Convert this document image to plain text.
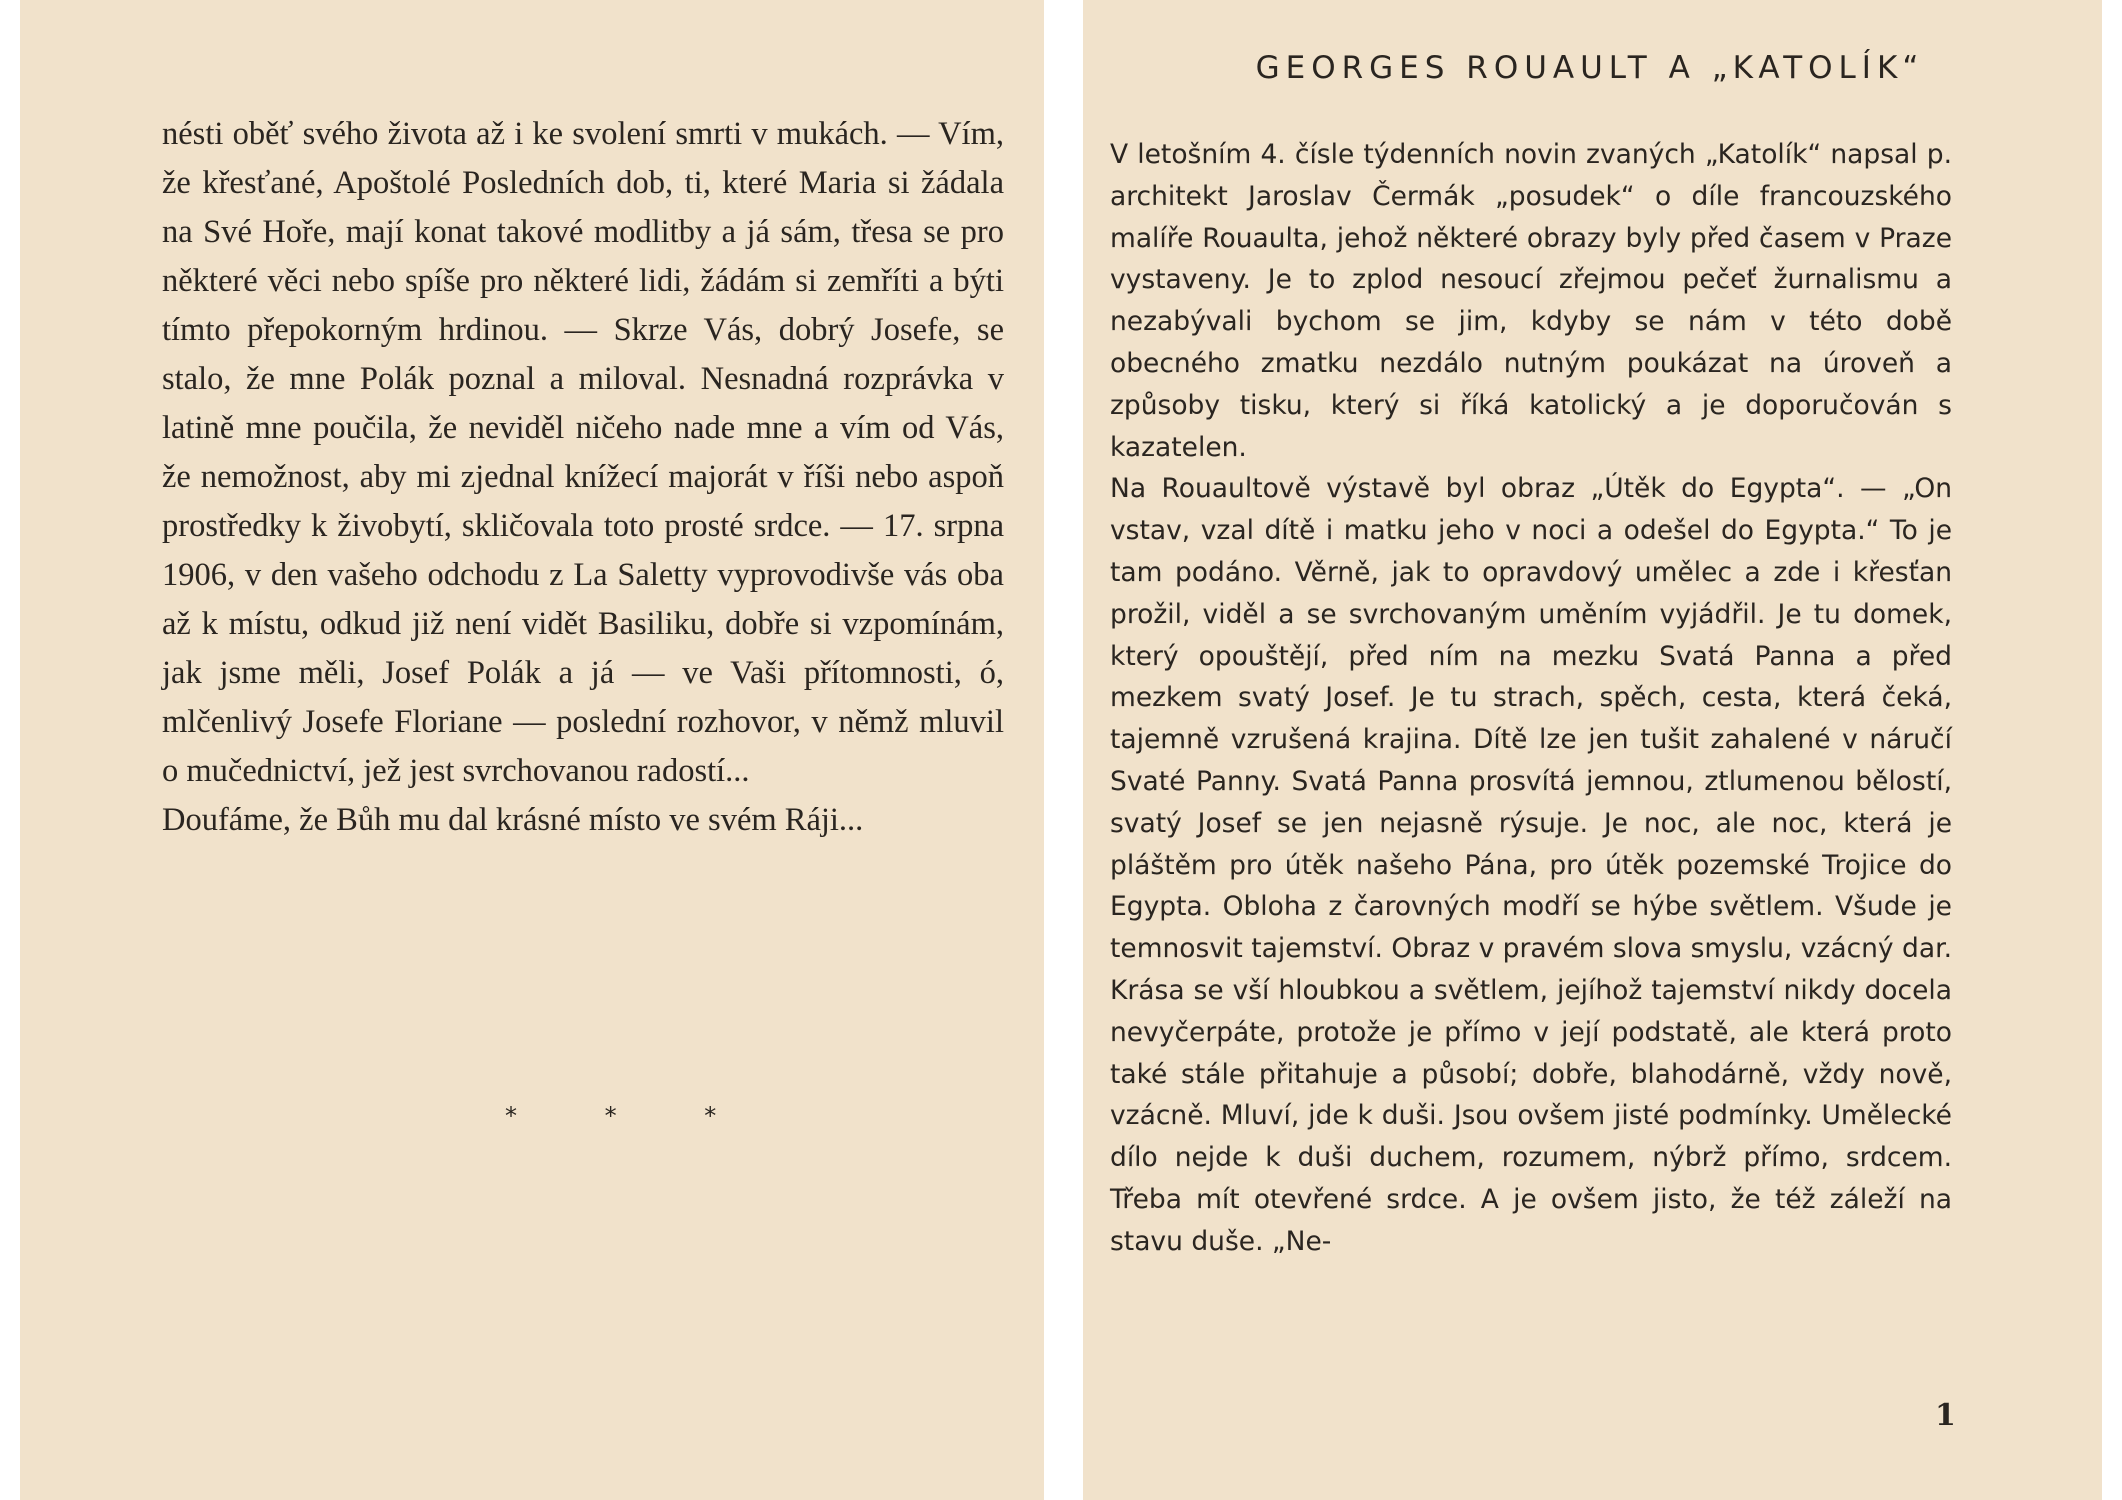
nésti oběť svého života až i ke svolení smrti v mukách. — Vím, že křesťané, Apoštolé Posledních dob, ti, které Maria si žádala na Své Hoře, mají konat takové modlitby a já sám, třesa se pro některé věci nebo spíše pro některé lidi, žádám si zemříti a býti tímto přepokorným hrdinou. — Skrze Vás, dobrý Josefe, se stalo, že mne Polák poznal a miloval. Nesnadná rozprávka v latině mne poučila, že neviděl ničeho nade mne a vím od Vás, že nemožnost, aby mi zjednal knížecí majorát v říši nebo aspoň prostředky k živobytí, skličovala toto prosté srdce. — 17. srpna 1906, v den vašeho odchodu z La Saletty vyprovodivše vás oba až k místu, odkud již není vidět Basiliku, dobře si vzpomínám, jak jsme měli, Josef Polák a já — ve Vaši přítomnosti, ó, mlčenlivý Josefe Floriane — poslední rozhovor, v němž mluvil o mučednictví, jež jest svrchovanou radostí...

Doufáme, že Bůh mu dal krásné místo ve svém Ráji...

* * *
GEORGES ROUAULT A „KATOLÍK“

V letošním 4. čísle týdenních novin zvaných „Katolík“ napsal p. architekt Jaroslav Čermák „posudek“ o díle francouzského malíře Rouaulta, jehož některé obrazy byly před časem v Praze vystaveny. Je to zplod nesoucí zřejmou pečeť žurnalismu a nezabývali bychom se jim, kdyby se nám v této době obecného zmatku nezdálo nutným poukázat na úroveň a způsoby tisku, který si říká katolický a je doporučován s kazatelen.

Na Rouaultově výstavě byl obraz „Útěk do Egypta“. — „On vstav, vzal dítě i matku jeho v noci a odešel do Egypta.“ To je tam podáno. Věrně, jak to opravdový umělec a zde i křesťan prožil, viděl a se svrchovaným uměním vyjádřil. Je tu domek, který opouštějí, před ním na mezku Svatá Panna a před mezkem svatý Josef. Je tu strach, spěch, cesta, která čeká, tajemně vzrušená krajina. Dítě lze jen tušit zahalené v náručí Svaté Panny. Svatá Panna prosvítá jemnou, ztlumenou bělostí, svatý Josef se jen nejasně rýsuje. Je noc, ale noc, která je pláštěm pro útěk našeho Pána, pro útěk pozemské Trojice do Egypta. Obloha z čarovných modří se hýbe světlem. Všude je temnosvit tajemství. Obraz v pravém slova smyslu, vzácný dar. Krása se vší hloubkou a světlem, jejíhož tajemství nikdy docela nevyčerpáte, protože je přímo v její podstatě, ale která proto také stále přitahuje a působí; dobře, blahodárně, vždy nově, vzácně. Mluví, jde k duši. Jsou ovšem jisté podmínky. Umělecké dílo nejde k duši duchem, rozumem, nýbrž přímo, srdcem. Třeba mít otevřené srdce. A je ovšem jisto, že též záleží na stavu duše. „Ne-

1
